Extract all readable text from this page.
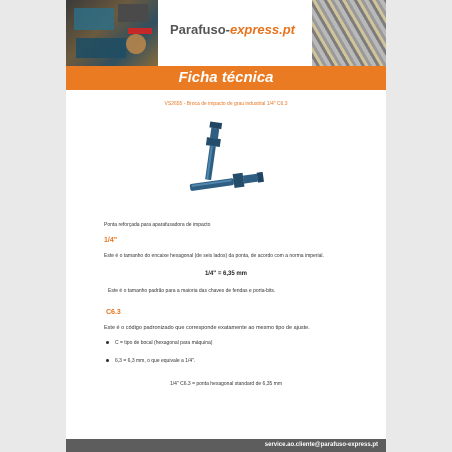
Parafuso-express.pt
Ficha técnica
VS2655 - Broca de impacto de grau industrial 1/4" C6.3
Ponta reforçada para aparafusadora de impacto
1/4"
Este é o tamanho do encaixe hexagonal (de seis lados) da ponta, de acordo com a norma imperial.
1/4" = 6,35 mm
Este é o tamanho padrão para a maioria das chaves de fendas e porta-bits.
C6.3
Este é o código padronizado que corresponde exatamente ao mesmo tipo de ajuste.
C = tipo de bocal (hexagonal para máquina)
6,3 = 6,3 mm, o que equivale a 1/4".
1/4" C6.3 = ponta hexagonal standard de 6,35 mm
service.ao.cliente@parafuso-express.pt
